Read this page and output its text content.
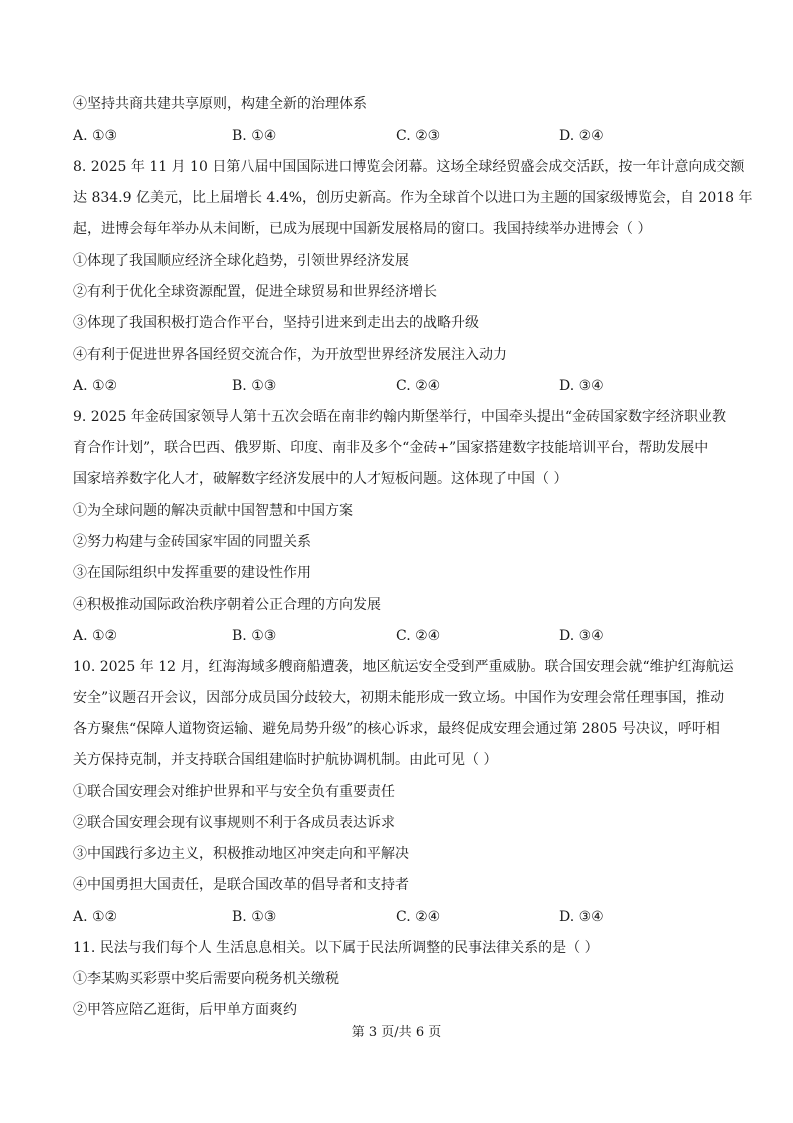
④坚持共商共建共享原则，构建全新的治理体系
A. ①③	B. ①④	C. ②③	D. ②④
8. 2025 年 11 月 10 日第八届中国国际进口博览会闭幕。这场全球经贸盛会成交活跃，按一年计意向成交额
达 834.9 亿美元，比上届增长 4.4%，创历史新高。作为全球首个以进口为主题的国家级博览会，自 2018 年
起，进博会每年举办从未间断，已成为展现中国新发展格局的窗口。我国持续举办进博会（ ）
①体现了我国顺应经济全球化趋势，引领世界经济发展
②有利于优化全球资源配置，促进全球贸易和世界经济增长
③体现了我国积极打造合作平台，坚持引进来到走出去的战略升级
④有利于促进世界各国经贸交流合作，为开放型世界经济发展注入动力
A. ①②	B. ①③	C. ②④	D. ③④
9. 2025 年金砖国家领导人第十五次会晤在南非约翰内斯堡举行，中国牵头提出“金砖国家数字经济职业教
育合作计划”，联合巴西、俄罗斯、印度、南非及多个“金砖+”国家搭建数字技能培训平台，帮助发展中
国家培养数字化人才，破解数字经济发展中的人才短板问题。这体现了中国（ ）
①为全球问题的解决贡献中国智慧和中国方案
②努力构建与金砖国家牢固的同盟关系
③在国际组织中发挥重要的建设性作用
④积极推动国际政治秩序朝着公正合理的方向发展
A. ①②	B. ①③	C. ②④	D. ③④
10. 2025 年 12 月，红海海域多艘商船遭袭，地区航运安全受到严重威胁。联合国安理会就“维护红海航运
安全”议题召开会议，因部分成员国分歧较大，初期未能形成一致立场。中国作为安理会常任理事国，推动
各方聚焦“保障人道物资运输、避免局势升级”的核心诉求，最终促成安理会通过第 2805 号决议，呼吁相
关方保持克制，并支持联合国组建临时护航协调机制。由此可见（ ）
①联合国安理会对维护世界和平与安全负有重要责任
②联合国安理会现有议事规则不利于各成员表达诉求
③中国践行多边主义，积极推动地区冲突走向和平解决
④中国勇担大国责任，是联合国改革的倡导者和支持者
A. ①②	B. ①③	C. ②④	D. ③④
11. 民法与我们每个人 生活息息相关。以下属于民法所调整的民事法律关系的是（ ）
①李某购买彩票中奖后需要向税务机关缴税
②甲答应陪乙逛街，后甲单方面爽约
第 3 页/共 6 页
